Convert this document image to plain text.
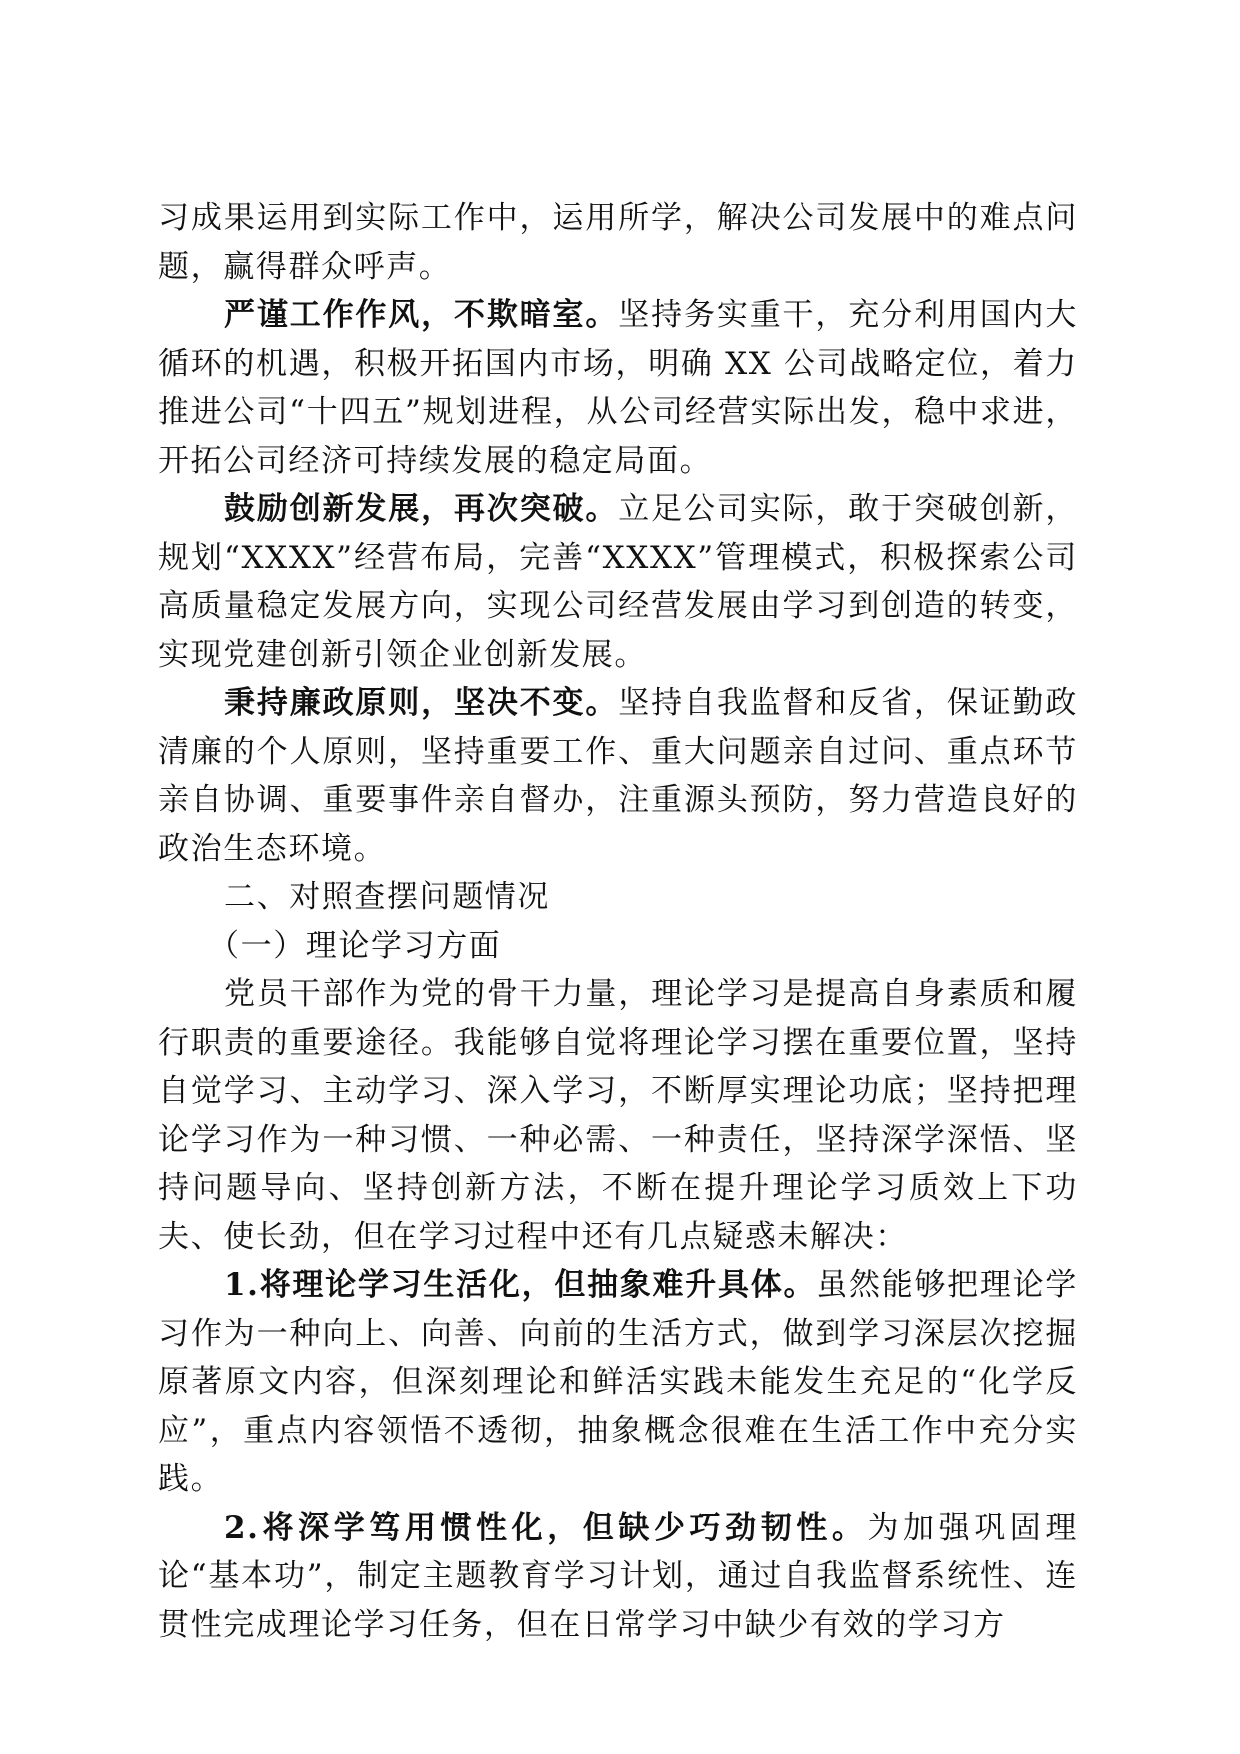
习成果运用到实际工作中，运用所学，解决公司发展中的难点问题，赢得群众呼声。

严谨工作作风，不欺暗室。坚持务实重干，充分利用国内大循环的机遇，积极开拓国内市场，明确 XX 公司战略定位，着力推进公司“十四五”规划进程，从公司经营实际出发，稳中求进，开拓公司经济可持续发展的稳定局面。

鼓励创新发展，再次突破。立足公司实际，敢于突破创新，规划“XXXX”经营布局，完善“XXXX”管理模式，积极探索公司高质量稳定发展方向，实现公司经营发展由学习到创造的转变，实现党建创新引领企业创新发展。

秉持廉政原则，坚决不变。坚持自我监督和反省，保证勤政清廉的个人原则，坚持重要工作、重大问题亲自过问、重点环节亲自协调、重要事件亲自督办，注重源头预防，努力营造良好的政治生态环境。

二、对照查摆问题情况

（一）理论学习方面

党员干部作为党的骨干力量，理论学习是提高自身素质和履行职责的重要途径。我能够自觉将理论学习摆在重要位置，坚持自觉学习、主动学习、深入学习，不断厚实理论功底；坚持把理论学习作为一种习惯、一种必需、一种责任，坚持深学深悟、坚持问题导向、坚持创新方法，不断在提升理论学习质效上下功夫、使长劲，但在学习过程中还有几点疑惑未解决：

1.将理论学习生活化，但抽象难升具体。虽然能够把理论学习作为一种向上、向善、向前的生活方式，做到学习深层次挖掘原著原文内容，但深刻理论和鲜活实践未能发生充足的“化学反应”，重点内容领悟不透彻，抽象概念很难在生活工作中充分实践。

2.将深学笃用惯性化，但缺少巧劲韧性。为加强巩固理论“基本功”，制定主题教育学习计划，通过自我监督系统性、连贯性完成理论学习任务，但在日常学习中缺少有效的学习方
